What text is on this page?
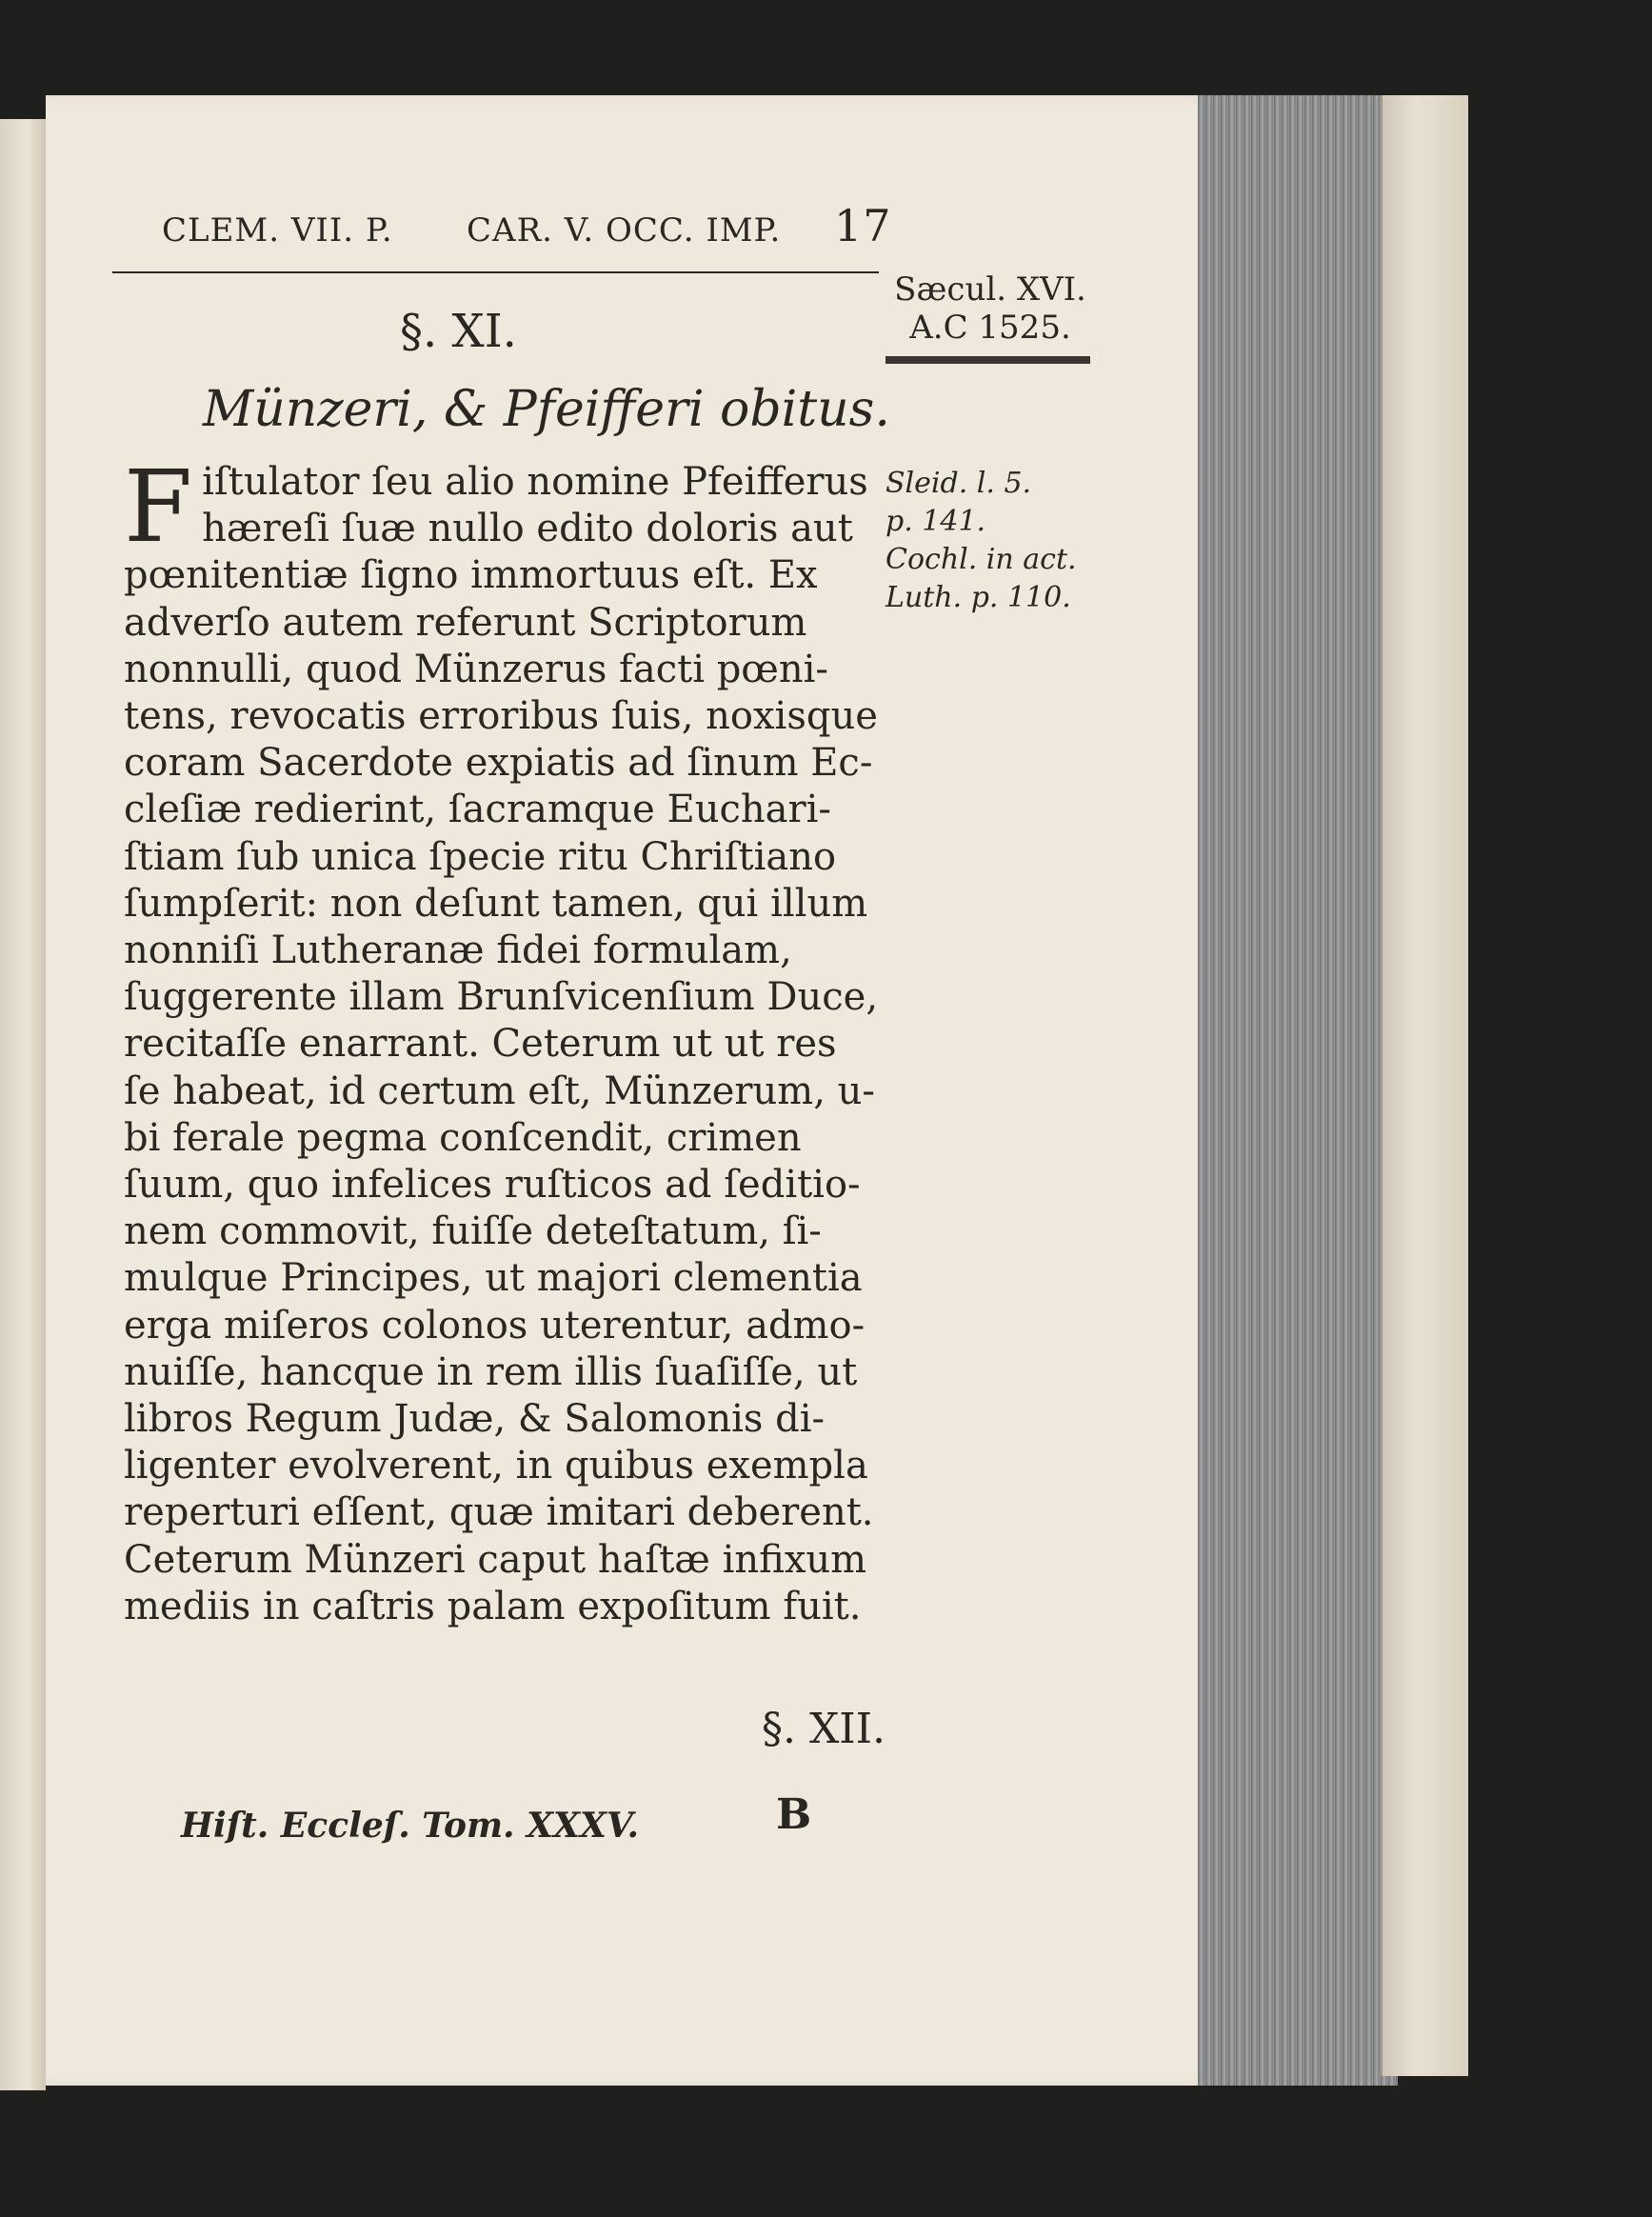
CLEM. VII. P. CAR. V. OCC. IMP. 17
Sæcul. XVI.
A.C 1525.
§. XI.
Münzeri, & Pfeifferi obitus.
F iſtulator ſeu alio nomine Pfeifferus
hæreſi ſuæ nullo edito doloris aut
pœnitentiæ ſigno immortuus eſt. Ex
adverſo autem referunt Scriptorum
nonnulli, quod Münzerus facti pœni-
tens, revocatis erroribus ſuis, noxisque
coram Sacerdote expiatis ad ſinum Ec-
cleſiæ redierint, ſacramque Euchari-
ſtiam ſub unica ſpecie ritu Chriſtiano
ſumpſerit: non deſunt tamen, qui illum
nonniſi Lutheranæ fidei formulam,
ſuggerente illam Brunſvicenſium Duce,
recitaſſe enarrant. Ceterum ut ut res
ſe habeat, id certum eſt, Münzerum, u-
bi ferale pegma conſcendit, crimen
ſuum, quo infelices ruſticos ad ſeditio-
nem commovit, fuiſſe deteſtatum, ſi-
mulque Principes, ut majori clementia
erga miſeros colonos uterentur, admo-
nuiſſe, hancque in rem illis ſuaſiſſe, ut
libros Regum Judæ, & Salomonis di-
ligenter evolverent, in quibus exempla
reperturi eſſent, quæ imitari deberent.
Ceterum Münzeri caput haſtæ infixum
mediis in caſtris palam expoſitum fuit.
Sleid. l. 5.
p. 141.
Cochl. in act.
Luth. p. 110.
§. XII.
Hiſt. Eccleſ. Tom. XXXV.	B
